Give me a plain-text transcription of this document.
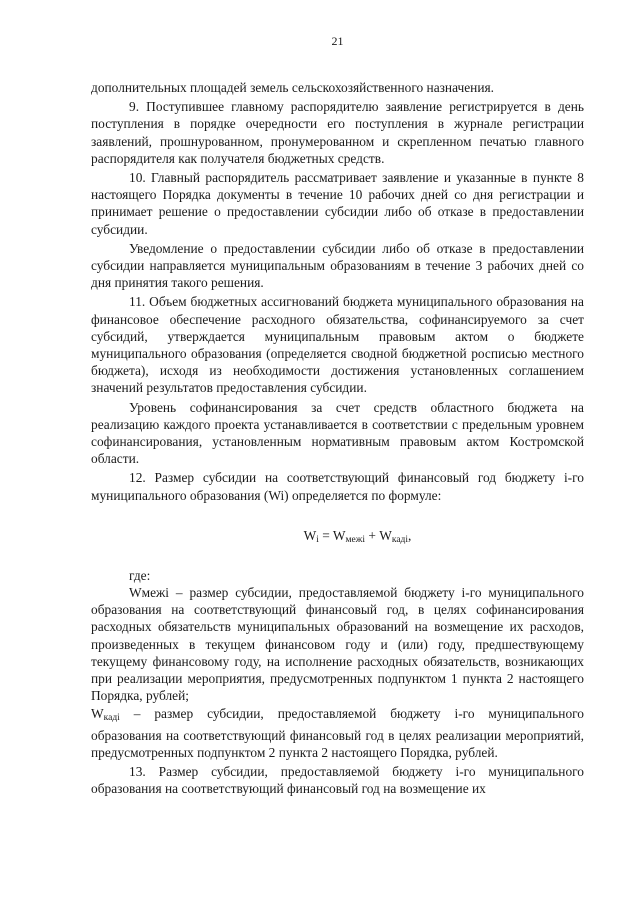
21

дополнительных площадей земель сельскохозяйственного назначения.

9. Поступившее главному распорядителю заявление регистрируется в день поступления в порядке очередности его поступления в журнале регистрации заявлений, прошнурованном, пронумерованном и скрепленном печатью главного распорядителя как получателя бюджетных средств.

10. Главный распорядитель рассматривает заявление и указанные в пункте 8 настоящего Порядка документы в течение 10 рабочих дней со дня регистрации и принимает решение о предоставлении субсидии либо об отказе в предоставлении субсидии.

Уведомление о предоставлении субсидии либо об отказе в предоставлении субсидии направляется муниципальным образованиям в течение 3 рабочих дней со дня принятия такого решения.

11. Объем бюджетных ассигнований бюджета муниципального образования на финансовое обеспечение расходного обязательства, софинансируемого за счет субсидий, утверждается муниципальным правовым актом о бюджете муниципального образования (определяется сводной бюджетной росписью местного бюджета), исходя из необходимости достижения установленных соглашением значений результатов предоставления субсидии.

Уровень софинансирования за счет средств областного бюджета на реализацию каждого проекта устанавливается в соответствии с предельным уровнем софинансирования, установленным нормативным правовым актом Костромской области.

12. Размер субсидии на соответствующий финансовый год бюджету i-го муниципального образования (Wi) определяется по формуле:

$W_i = W_{межі} + W_{кадi}$,

где:

Wмежі – размер субсидии, предоставляемой бюджету i-го муниципального образования на соответствующий финансовый год, в целях софинансирования расходных обязательств муниципальных образований на возмещение их расходов, произведенных в текущем финансовом году и (или) году, предшествующему текущему финансовому году, на исполнение расходных обязательств, возникающих при реализации мероприятия, предусмотренных подпунктом 1 пункта 2 настоящего Порядка, рублей;

$W_{кадi}$ – размер субсидии, предоставляемой бюджету i-го муниципального образования на соответствующий финансовый год в целях реализации мероприятий, предусмотренных подпунктом 2 пункта 2 настоящего Порядка, рублей.

13. Размер субсидии, предоставляемой бюджету i-го муниципального образования на соответствующий финансовый год на возмещение их
